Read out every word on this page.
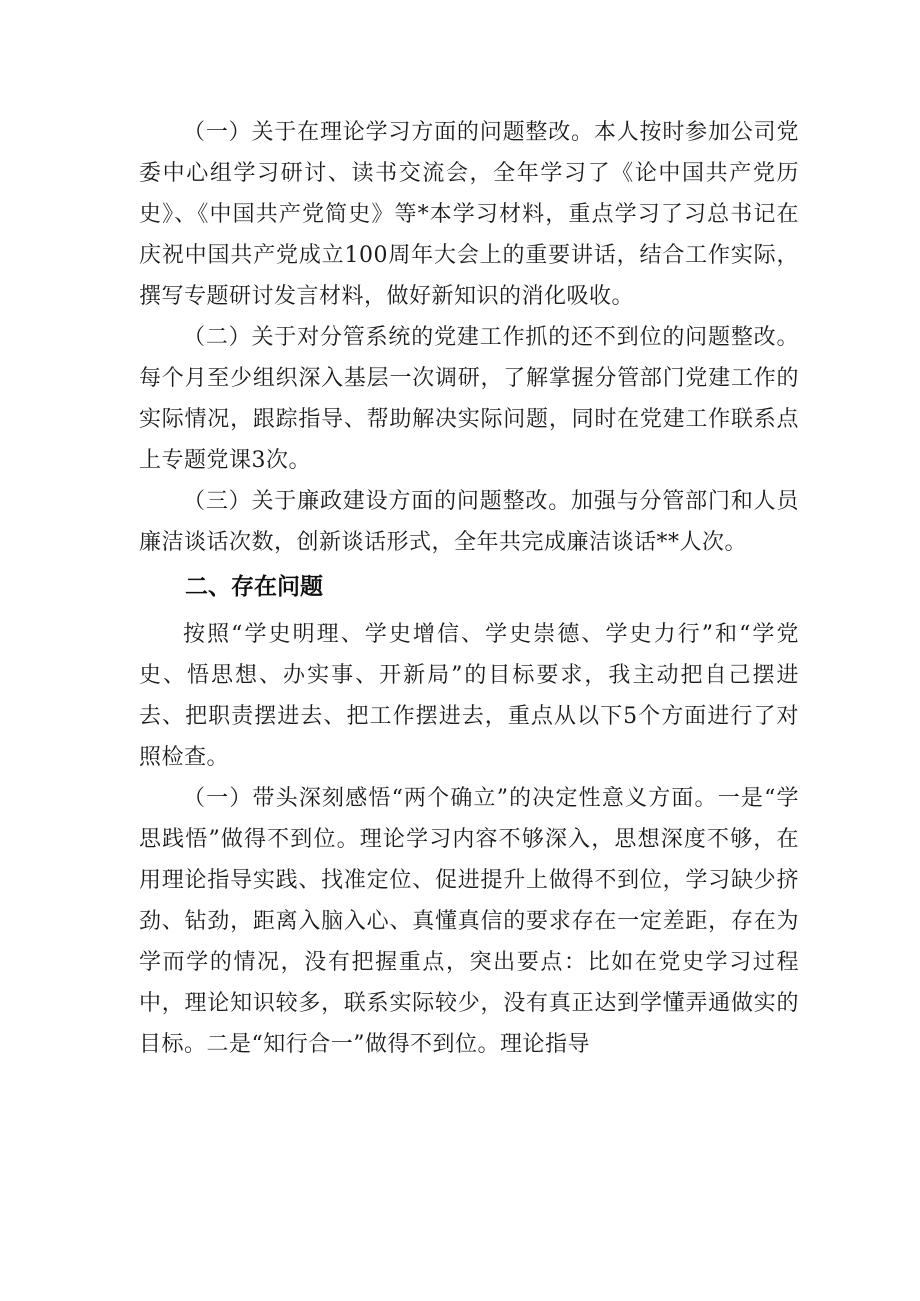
（一）关于在理论学习方面的问题整改。本人按时参加公司党委中心组学习研讨、读书交流会，全年学习了《论中国共产党历史》、《中国共产党简史》等*本学习材料，重点学习了习总书记在庆祝中国共产党成立100周年大会上的重要讲话，结合工作实际，撰写专题研讨发言材料，做好新知识的消化吸收。

（二）关于对分管系统的党建工作抓的还不到位的问题整改。每个月至少组织深入基层一次调研，了解掌握分管部门党建工作的实际情况，跟踪指导、帮助解决实际问题，同时在党建工作联系点上专题党课3次。

（三）关于廉政建设方面的问题整改。加强与分管部门和人员廉洁谈话次数，创新谈话形式，全年共完成廉洁谈话**人次。

二、存在问题

按照“学史明理、学史增信、学史崇德、学史力行”和“学党史、悟思想、办实事、开新局”的目标要求，我主动把自己摆进去、把职责摆进去、把工作摆进去，重点从以下5个方面进行了对照检查。

（一）带头深刻感悟“两个确立”的决定性意义方面。一是“学思践悟”做得不到位。理论学习内容不够深入，思想深度不够，在用理论指导实践、找准定位、促进提升上做得不到位，学习缺少挤劲、钻劲，距离入脑入心、真懂真信的要求存在一定差距，存在为学而学的情况，没有把握重点，突出要点：比如在党史学习过程中，理论知识较多，联系实际较少，没有真正达到学懂弄通做实的目标。二是“知行合一”做得不到位。理论指导
